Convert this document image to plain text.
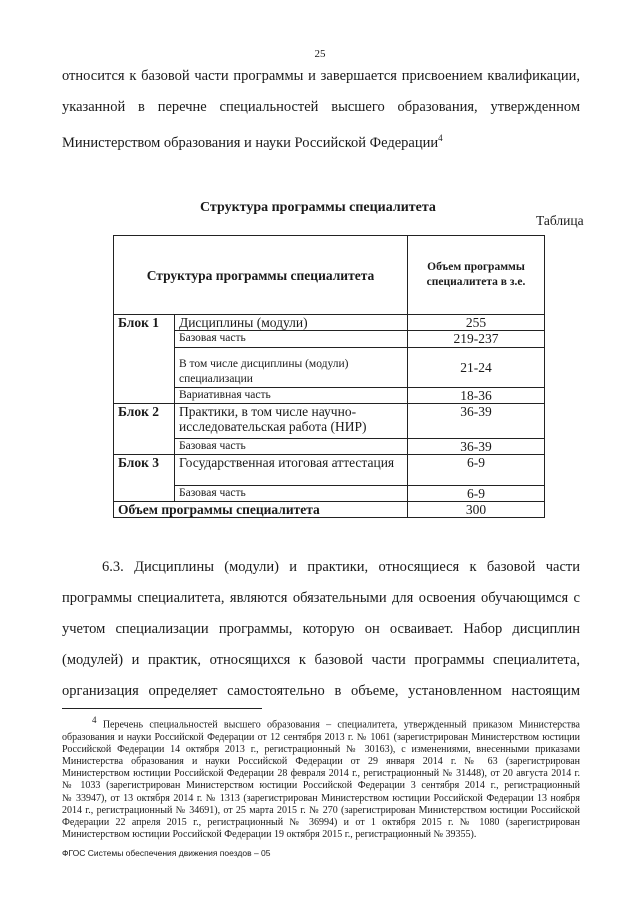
25
относится к базовой части программы и завершается присвоением квалификации,
указанной в перечне специальностей высшего образования, утвержденном
Министерством образования и науки Российской Федерации$^4$
Структура программы специалитета
Таблица
Структура программы специалитета		Объем программы специалитета в з.е.
Блок 1	Дисциплины (модули)	255
	Базовая часть	219-237
	В том числе дисциплины (модули) специализации	21-24
	Вариативная часть	18-36
Блок 2	Практики, в том числе научно-исследовательская работа (НИР)	36-39
	Базовая часть	36-39
Блок 3	Государственная итоговая аттестация	6-9
	Базовая часть	6-9
Объем программы специалитета		300
6.3. Дисциплины (модули) и практики, относящиеся к базовой части
программы специалитета, являются обязательными для освоения обучающимся с
учетом специализации программы, которую он осваивает. Набор дисциплин
(модулей) и практик, относящихся к базовой части программы специалитета,
организация определяет самостоятельно в объеме, установленном настоящим

4 Перечень специальностей высшего образования – специалитета, утвержденный приказом Министерства

образования и науки Российской Федерации от 12 сентября 2013 г. № 1061 (зарегистрирован Министерством юстиции

Российской Федерации 14 октября 2013 г., регистрационный № 30163), с изменениями, внесенными приказами

Министерства образования и науки Российской Федерации от 29 января 2014 г. № 63 (зарегистрирован

Министерством юстиции Российской Федерации 28 февраля 2014 г., регистрационный № 31448), от 20 августа 2014 г.

№ 1033 (зарегистрирован Министерством юстиции Российской Федерации 3 сентября 2014 г., регистрационный

№ 33947), от 13 октября 2014 г. № 1313 (зарегистрирован Министерством юстиции Российской Федерации 13 ноября

2014 г., регистрационный № 34691), от 25 марта 2015 г. № 270 (зарегистрирован Министерством юстиции Российской

Федерации 22 апреля 2015 г., регистрационный № 36994) и от 1 октября 2015 г. № 1080 (зарегистрирован

Министерством юстиции Российской Федерации 19 октября 2015 г., регистрационный № 39355).

ФГОС Системы обеспечения движения поездов – 05
